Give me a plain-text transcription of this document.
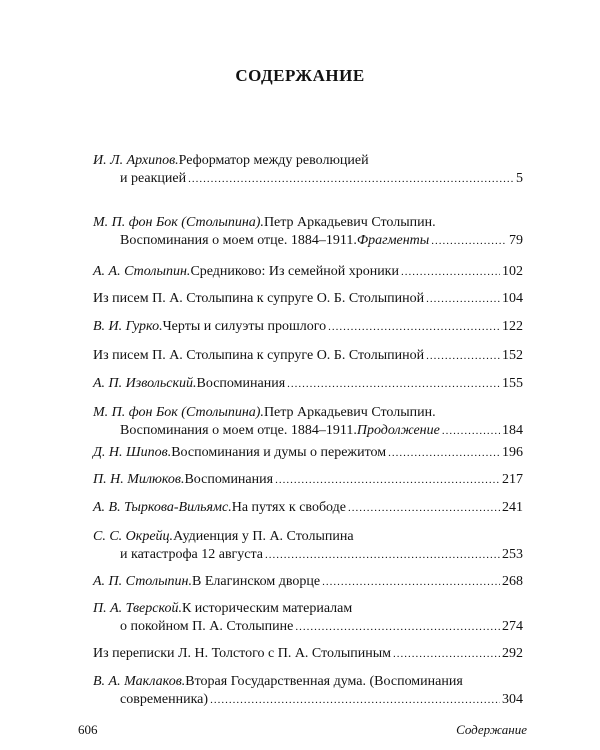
СОДЕРЖАНИЕ
И. Л. Архипов. Реформатор между революцией
и реакцией .....	5
М. П. фон Бок (Столыпина). Петр Аркадьевич Столыпин.
Воспоминания о моем отце. 1884–1911. Фрагменты .....	79
А. А. Столыпин. Средниково: Из семейной хроники .....	102
Из писем П. А. Столыпина к супруге О. Б. Столыпиной .....	104
В. И. Гурко. Черты и силуэты прошлого .....	122
Из писем П. А. Столыпина к супруге О. Б. Столыпиной .....	152
А. П. Извольский. Воспоминания .....	155
М. П. фон Бок (Столыпина). Петр Аркадьевич Столыпин.
Воспоминания о моем отце. 1884–1911. Продолжение .....	184
Д. Н. Шипов. Воспоминания и думы о пережитом .....	196
П. Н. Милюков. Воспоминания .....	217
А. В. Тыркова-Вильямс. На путях к свободе .....	241
С. С. Окрейц. Аудиенция у П. А. Столыпина
и катастрофа 12 августа .....	253
А. П. Столыпин. В Елагинском дворце .....	268
П. А. Тверской. К историческим материалам
о покойном П. А. Столыпине .....	274
Из переписки Л. Н. Толстого с П. А. Столыпиным .....	292
В. А. Маклаков. Вторая Государственная дума. (Воспоминания
современника) .....	304
606	Содержание
